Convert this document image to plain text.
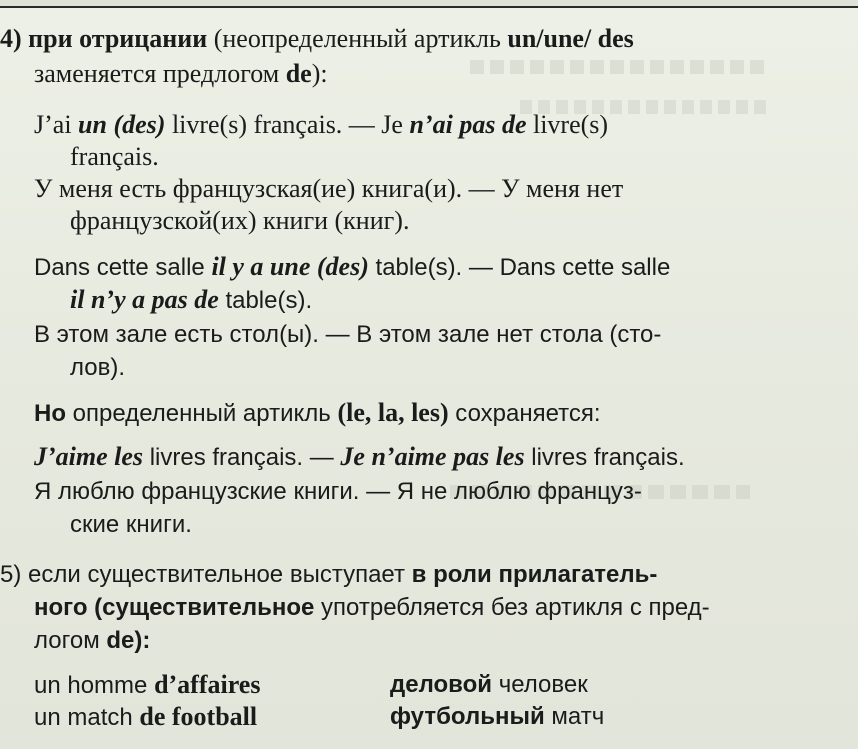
4) при отрицании (неопределенный артикль un/une/ des
заменяется предлогом de):
J’ai un (des) livre(s) français. — Je n’ai pas de livre(s)
français.
У меня есть французская(ие) книга(и). — У меня нет
французской(их) книги (книг).
Dans cette salle il y a une (des) table(s). — Dans cette salle
il n’y a pas de table(s).
В этом зале есть стол(ы). — В этом зале нет стола (сто-
лов).
Но определенный артикль (le, la, les) сохраняется:
J’aime les livres français. — Je n’aime pas les livres français.
Я люблю французские книги. — Я не люблю француз-
ские книги.
5) если существительное выступает в роли прилагатель-
ного (существительное употребляется без артикля с пред-
логом de):
un homme d’affaires	деловой человек
un match de football	футбольный матч
